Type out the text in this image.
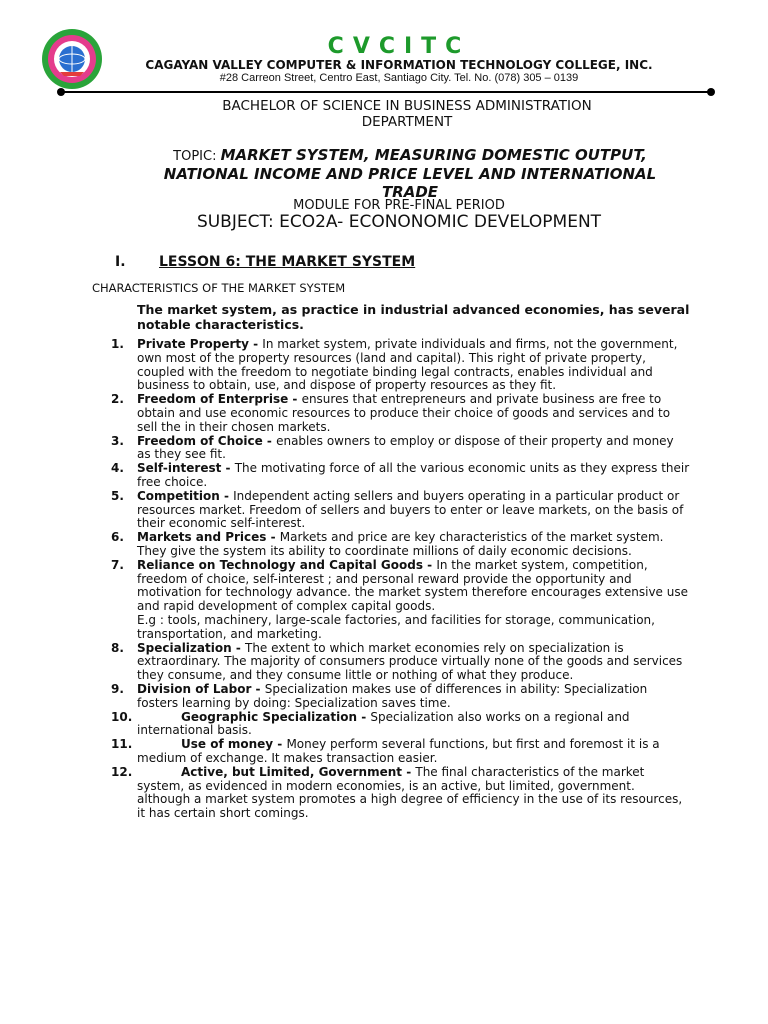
CVCITC
CAGAYAN VALLEY COMPUTER & INFORMATION TECHNOLOGY COLLEGE, INC.
#28 Carreon Street, Centro East, Santiago City. Tel. No. (078) 305 – 0139
BACHELOR OF SCIENCE IN BUSINESS ADMINISTRATION
DEPARTMENT
TOPIC: MARKET SYSTEM, MEASURING DOMESTIC OUTPUT, NATIONAL INCOME AND PRICE LEVEL AND INTERNATIONAL TRADE
MODULE FOR PRE-FINAL PERIOD
SUBJECT: ECO2A- ECONONOMIC DEVELOPMENT
I. LESSON 6: THE MARKET SYSTEM
CHARACTERISTICS OF THE MARKET SYSTEM
The market system, as practice in industrial advanced economies, has several notable characteristics.
1. Private Property - In market system, private individuals and firms, not the government, own most of the property resources (land and capital). This right of private property, coupled with the freedom to negotiate binding legal contracts, enables individual and business to obtain, use, and dispose of property resources as they fit.
2. Freedom of Enterprise - ensures that entrepreneurs and private business are free to obtain and use economic resources to produce their choice of goods and services and to sell the in their chosen markets.
3. Freedom of Choice - enables owners to employ or dispose of their property and money as they see fit.
4. Self-interest - The motivating force of all the various economic units as they express their free choice.
5. Competition - Independent acting sellers and buyers operating in a particular product or resources market. Freedom of sellers and buyers to enter or leave markets, on the basis of their economic self-interest.
6. Markets and Prices - Markets and price are key characteristics of the market system. They give the system its ability to coordinate millions of daily economic decisions.
7. Reliance on Technology and Capital Goods - In the market system, competition, freedom of choice, self-interest ; and personal reward provide the opportunity and motivation for technology advance. the market system therefore encourages extensive use and rapid development of complex capital goods.
E.g : tools, machinery, large-scale factories, and facilities for storage, communication, transportation, and marketing.
8. Specialization - The extent to which market economies rely on specialization is extraordinary. The majority of consumers produce virtually none of the goods and services they consume, and they consume little or nothing of what they produce.
9. Division of Labor - Specialization makes use of differences in ability: Specialization fosters learning by doing: Specialization saves time.
10.	Geographic Specialization - Specialization also works on a regional and international basis.
11.	Use of money - Money perform several functions, but first and foremost it is a medium of exchange. It makes transaction easier.
12.	Active, but Limited, Government - The final characteristics of the market system, as evidenced in modern economies, is an active, but limited, government. although a market system promotes a high degree of efficiency in the use of its resources, it has certain short comings.
